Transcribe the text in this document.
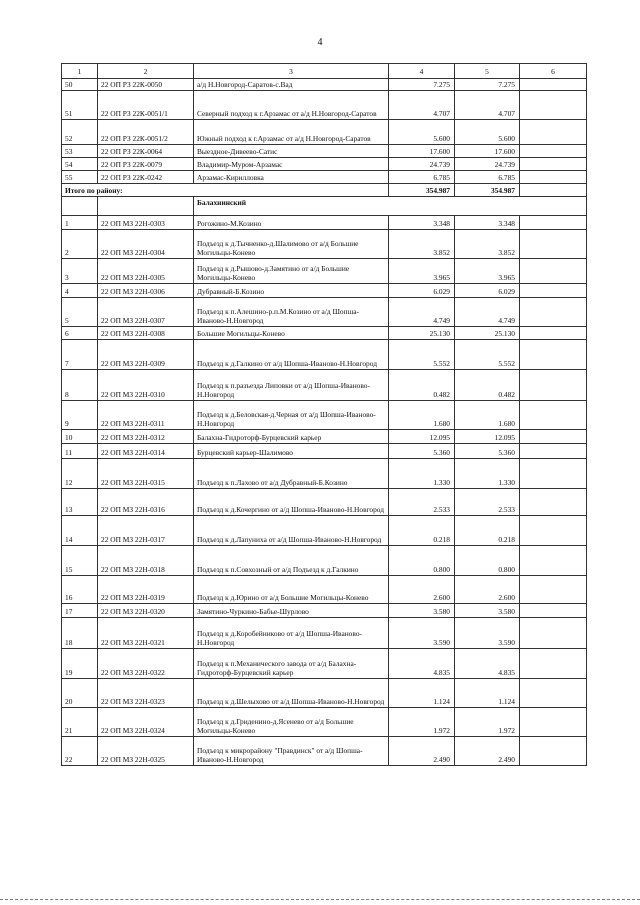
4
1	2	3	4	5	6
50	22 ОП РЗ 22К-0050	а/д Н.Новгород-Саратов-с.Вад	7.275	7.275	
51	22 ОП РЗ 22К-0051/1	Северный подход к г.Арзамас от а/д Н.Новгород-Саратов	4.707	4.707	
52	22 ОП РЗ 22К-0051/2	Южный подход к г.Арзамас от а/д Н.Новгород-Саратов	5.600	5.600	
53	22 ОП РЗ 22К-0064	Выездное-Дивеево-Сатис	17.600	17.600	
54	22 ОП РЗ 22К-0079	Владимир-Муром-Арзамас	24.739	24.739	
55	22 ОП РЗ 22К-0242	Арзамас-Кирилловка	6.785	6.785	
Итого по району:			354.987	354.987	
		Балахнинский			
1	22 ОП МЗ 22Н-0303	Рогожино-М.Козино	3.348	3.348	
2	22 ОП МЗ 22Н-0304	Подъезд к д.Тычненко-д.Шалимово от а/д Большие Могильцы-Конево	3.852	3.852	
3	22 ОП МЗ 22Н-0305	Подъезд к д.Рышово-д.Замятино от а/д Большие Могильцы-Конево	3.965	3.965	
4	22 ОП МЗ 22Н-0306	Дубравный-Б.Козино	6.029	6.029	
5	22 ОП МЗ 22Н-0307	Подъезд к п.Алешино-р.п.М.Козино от а/д Шопша-Иваново-Н.Новгород	4.749	4.749	
6	22 ОП МЗ 22Н-0308	Большие Могильцы-Конево	25.130	25.130	
7	22 ОП МЗ 22Н-0309	Подъезд к д.Галкино от а/д Шопша-Иваново-Н.Новгород	5.552	5.552	
8	22 ОП МЗ 22Н-0310	Подъезд к п.разъезда Липовки от а/д Шопша-Иваново-Н.Новгород	0.482	0.482	
9	22 ОП МЗ 22Н-0311	Подъезд к д.Беловская-д.Черная от а/д Шопша-Иваново-Н.Новгород	1.680	1.680	
10	22 ОП МЗ 22Н-0312	Балахна-Гидроторф-Бурцевский карьер	12.095	12.095	
11	22 ОП МЗ 22Н-0314	Бурцевский карьер-Шалимово	5.360	5.360	
12	22 ОП МЗ 22Н-0315	Подъезд к п.Лахово от а/д Дубравный-Б.Козино	1.330	1.330	
13	22 ОП МЗ 22Н-0316	Подъезд к д.Кочергино от а/д Шопша-Иваново-Н.Новгород	2.533	2.533	
14	22 ОП МЗ 22Н-0317	Подъезд к д.Лапуниха от а/д Шопша-Иваново-Н.Новгород	0.218	0.218	
15	22 ОП МЗ 22Н-0318	Подъезд к п.Совхозный от а/д Подъезд к д.Галкино	0.800	0.800	
16	22 ОП МЗ 22Н-0319	Подъезд к д.Юрино от а/д Большие Могильцы-Конево	2.600	2.600	
17	22 ОП МЗ 22Н-0320	Замятино-Чуркино-Бабье-Шурлово	3.580	3.580	
18	22 ОП МЗ 22Н-0321	Подъезд к д.Коробейниково от а/д Шопша-Иваново-Н.Новгород	3.590	3.590	
19	22 ОП МЗ 22Н-0322	Подъезд к п.Механического завода от а/д Балахна-Гидроторф-Бурцевский карьер	4.835	4.835	
20	22 ОП МЗ 22Н-0323	Подъезд к д.Шелыхово от а/д Шопша-Иваново-Н.Новгород	1.124	1.124	
21	22 ОП МЗ 22Н-0324	Подъезд к д.Гриденино-д.Ясенево от а/д Большие Могильцы-Конево	1.972	1.972	
22	22 ОП МЗ 22Н-0325	Подъезд к микрорайону "Правдинск" от а/д Шопша-Иваново-Н.Новгород	2.490	2.490	
